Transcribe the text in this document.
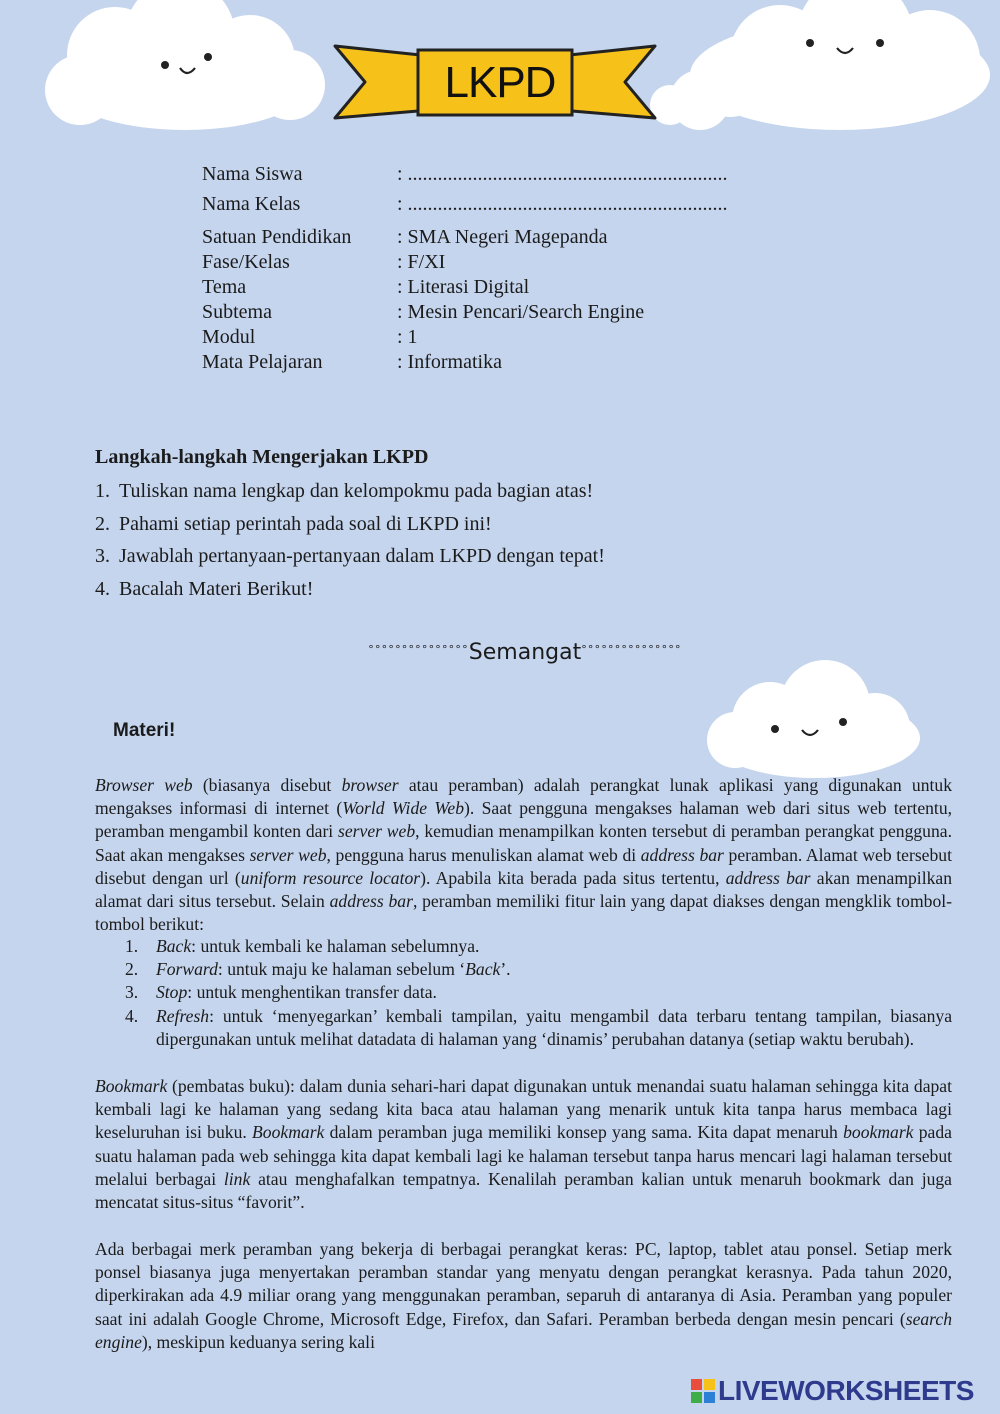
LKPD
Nama Siswa	: ................................................................
Nama Kelas	: ................................................................
Satuan Pendidikan	: SMA Negeri Magepanda
Fase/Kelas	: F/XI
Tema	: Literasi Digital
Subtema	: Mesin Pencari/Search Engine
Modul	: 1
Mata Pelajaran	: Informatika
Langkah-langkah Mengerjakan LKPD
1. Tuliskan nama lengkap dan kelompokmu pada bagian atas!
2. Pahami setiap perintah pada soal di LKPD ini!
3. Jawablah pertanyaan-pertanyaan dalam LKPD dengan tepat!
4. Bacalah Materi Berikut!
°°°°°°°°°°°°°°°Semangat°°°°°°°°°°°°°°°
Materi!

Browser web (biasanya disebut browser atau peramban) adalah perangkat lunak aplikasi yang digunakan untuk mengakses informasi di internet (World Wide Web). Saat pengguna mengakses halaman web dari situs web tertentu, peramban mengambil konten dari server web, kemudian menampilkan konten tersebut di peramban perangkat pengguna. Saat akan mengakses server web, pengguna harus menuliskan alamat web di address bar peramban. Alamat web tersebut disebut dengan url (uniform resource locator). Apabila kita berada pada situs tertentu, address bar akan menampilkan alamat dari situs tersebut. Selain address bar, peramban memiliki fitur lain yang dapat diakses dengan mengklik tombol-tombol berikut:

1.	Back: untuk kembali ke halaman sebelumnya.
2.	Forward: untuk maju ke halaman sebelum ‘Back’.
3.	Stop: untuk menghentikan transfer data.
4.	Refresh: untuk ‘menyegarkan’ kembali tampilan, yaitu mengambil data terbaru tentang tampilan, biasanya dipergunakan untuk melihat datadata di halaman yang ‘dinamis’ perubahan datanya (setiap waktu berubah).

Bookmark (pembatas buku): dalam dunia sehari-hari dapat digunakan untuk menandai suatu halaman sehingga kita dapat kembali lagi ke halaman yang sedang kita baca atau halaman yang menarik untuk kita tanpa harus membaca lagi keseluruhan isi buku. Bookmark dalam peramban juga memiliki konsep yang sama. Kita dapat menaruh bookmark pada suatu halaman pada web sehingga kita dapat kembali lagi ke halaman tersebut tanpa harus mencari lagi halaman tersebut melalui berbagai link atau menghafalkan tempatnya. Kenalilah peramban kalian untuk menaruh bookmark dan juga mencatat situs-situs “favorit”.

Ada berbagai merk peramban yang bekerja di berbagai perangkat keras: PC, laptop, tablet atau ponsel. Setiap merk ponsel biasanya juga menyertakan peramban standar yang menyatu dengan perangkat kerasnya. Pada tahun 2020, diperkirakan ada 4.9 miliar orang yang menggunakan peramban, separuh di antaranya di Asia. Peramban yang populer saat ini adalah Google Chrome, Microsoft Edge, Firefox, dan Safari. Peramban berbeda dengan mesin pencari (search engine), meskipun keduanya sering kali

LIVEWORKSHEETS
